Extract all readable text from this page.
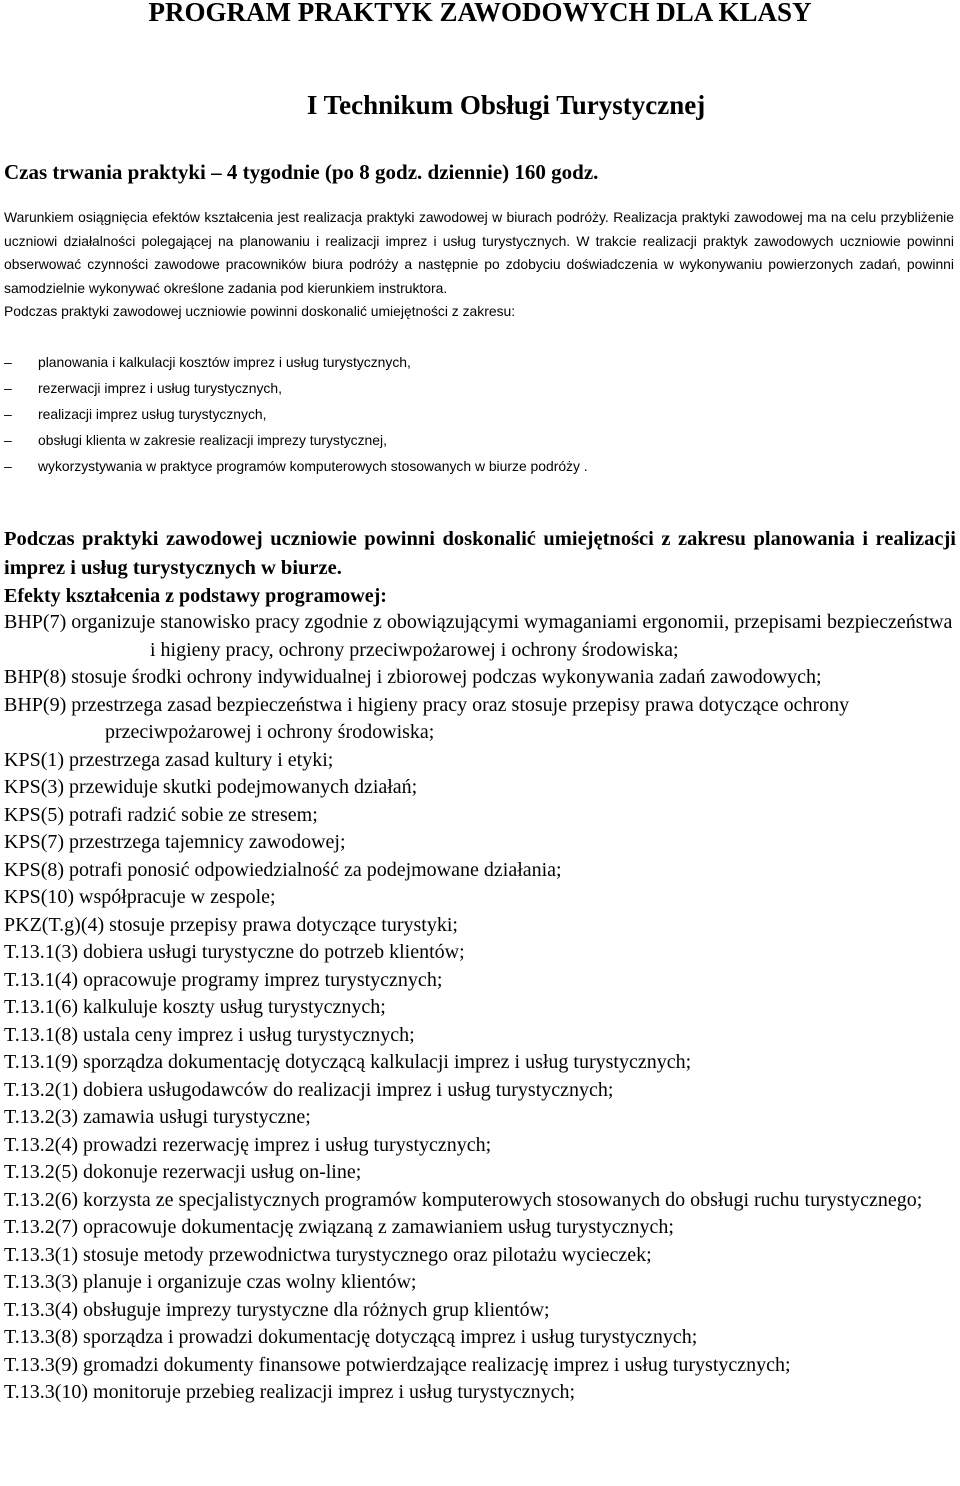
PROGRAM PRAKTYK ZAWODOWYCH DLA KLASY
I Technikum Obsługi Turystycznej
Czas trwania praktyki – 4 tygodnie (po 8 godz. dziennie) 160 godz.

Warunkiem osiągnięcia efektów kształcenia jest realizacja praktyki zawodowej w biurach podróży. Realizacja praktyki zawodowej ma na celu przybliżenie uczniowi działalności polegającej na planowaniu i realizacji imprez i usług turystycznych. W trakcie realizacji praktyk zawodowych uczniowie powinni obserwować czynności zawodowe pracowników biura podróży a następnie po zdobyciu doświadczenia w wykonywaniu powierzonych zadań, powinni samodzielnie wykonywać określone zadania pod kierunkiem instruktora.

Podczas praktyki zawodowej uczniowie powinni doskonalić umiejętności z zakresu:

–	planowania i kalkulacji kosztów imprez i usług turystycznych,
–	rezerwacji imprez i usług turystycznych,
–	realizacji imprez usług turystycznych,
–	obsługi klienta w zakresie realizacji imprezy turystycznej,
–	wykorzystywania w praktyce programów komputerowych stosowanych w biurze podróży .

Podczas praktyki zawodowej uczniowie powinni doskonalić umiejętności z zakresu planowania i realizacji imprez i usług turystycznych w biurze.

Efekty kształcenia z podstawy programowej:
BHP(7) organizuje stanowisko pracy zgodnie z obowiązującymi wymaganiami ergonomii, przepisami bezpieczeństwa i higieny pracy, ochrony przeciwpożarowej i ochrony środowiska;
BHP(8) stosuje środki ochrony indywidualnej i zbiorowej podczas wykonywania zadań zawodowych;
BHP(9) przestrzega zasad bezpieczeństwa i higieny pracy oraz stosuje przepisy prawa dotyczące ochrony przeciwpożarowej i ochrony środowiska;
KPS(1) przestrzega zasad kultury i etyki;
KPS(3) przewiduje skutki podejmowanych działań;
KPS(5) potrafi radzić sobie ze stresem;
KPS(7) przestrzega tajemnicy zawodowej;
KPS(8) potrafi ponosić odpowiedzialność za podejmowane działania;
KPS(10) współpracuje w zespole;
PKZ(T.g)(4) stosuje przepisy prawa dotyczące turystyki;
T.13.1(3) dobiera usługi turystyczne do potrzeb klientów;
T.13.1(4) opracowuje programy imprez turystycznych;
T.13.1(6) kalkuluje koszty usług turystycznych;
T.13.1(8) ustala ceny imprez i usług turystycznych;
T.13.1(9) sporządza dokumentację dotyczącą kalkulacji imprez i usług turystycznych;
T.13.2(1) dobiera usługodawców do realizacji imprez i usług turystycznych;
T.13.2(3) zamawia usługi turystyczne;
T.13.2(4) prowadzi rezerwację imprez i usług turystycznych;
T.13.2(5) dokonuje rezerwacji usług on-line;
T.13.2(6) korzysta ze specjalistycznych programów komputerowych stosowanych do obsługi ruchu turystycznego;
T.13.2(7) opracowuje dokumentację związaną z zamawianiem usług turystycznych;
T.13.3(1) stosuje metody przewodnictwa turystycznego oraz pilotażu wycieczek;
T.13.3(3) planuje i organizuje czas wolny klientów;
T.13.3(4) obsługuje imprezy turystyczne dla różnych grup klientów;
T.13.3(8) sporządza i prowadzi dokumentację dotyczącą imprez i usług turystycznych;
T.13.3(9) gromadzi dokumenty finansowe potwierdzające realizację imprez i usług turystycznych;
T.13.3(10) monitoruje przebieg realizacji imprez i usług turystycznych;
